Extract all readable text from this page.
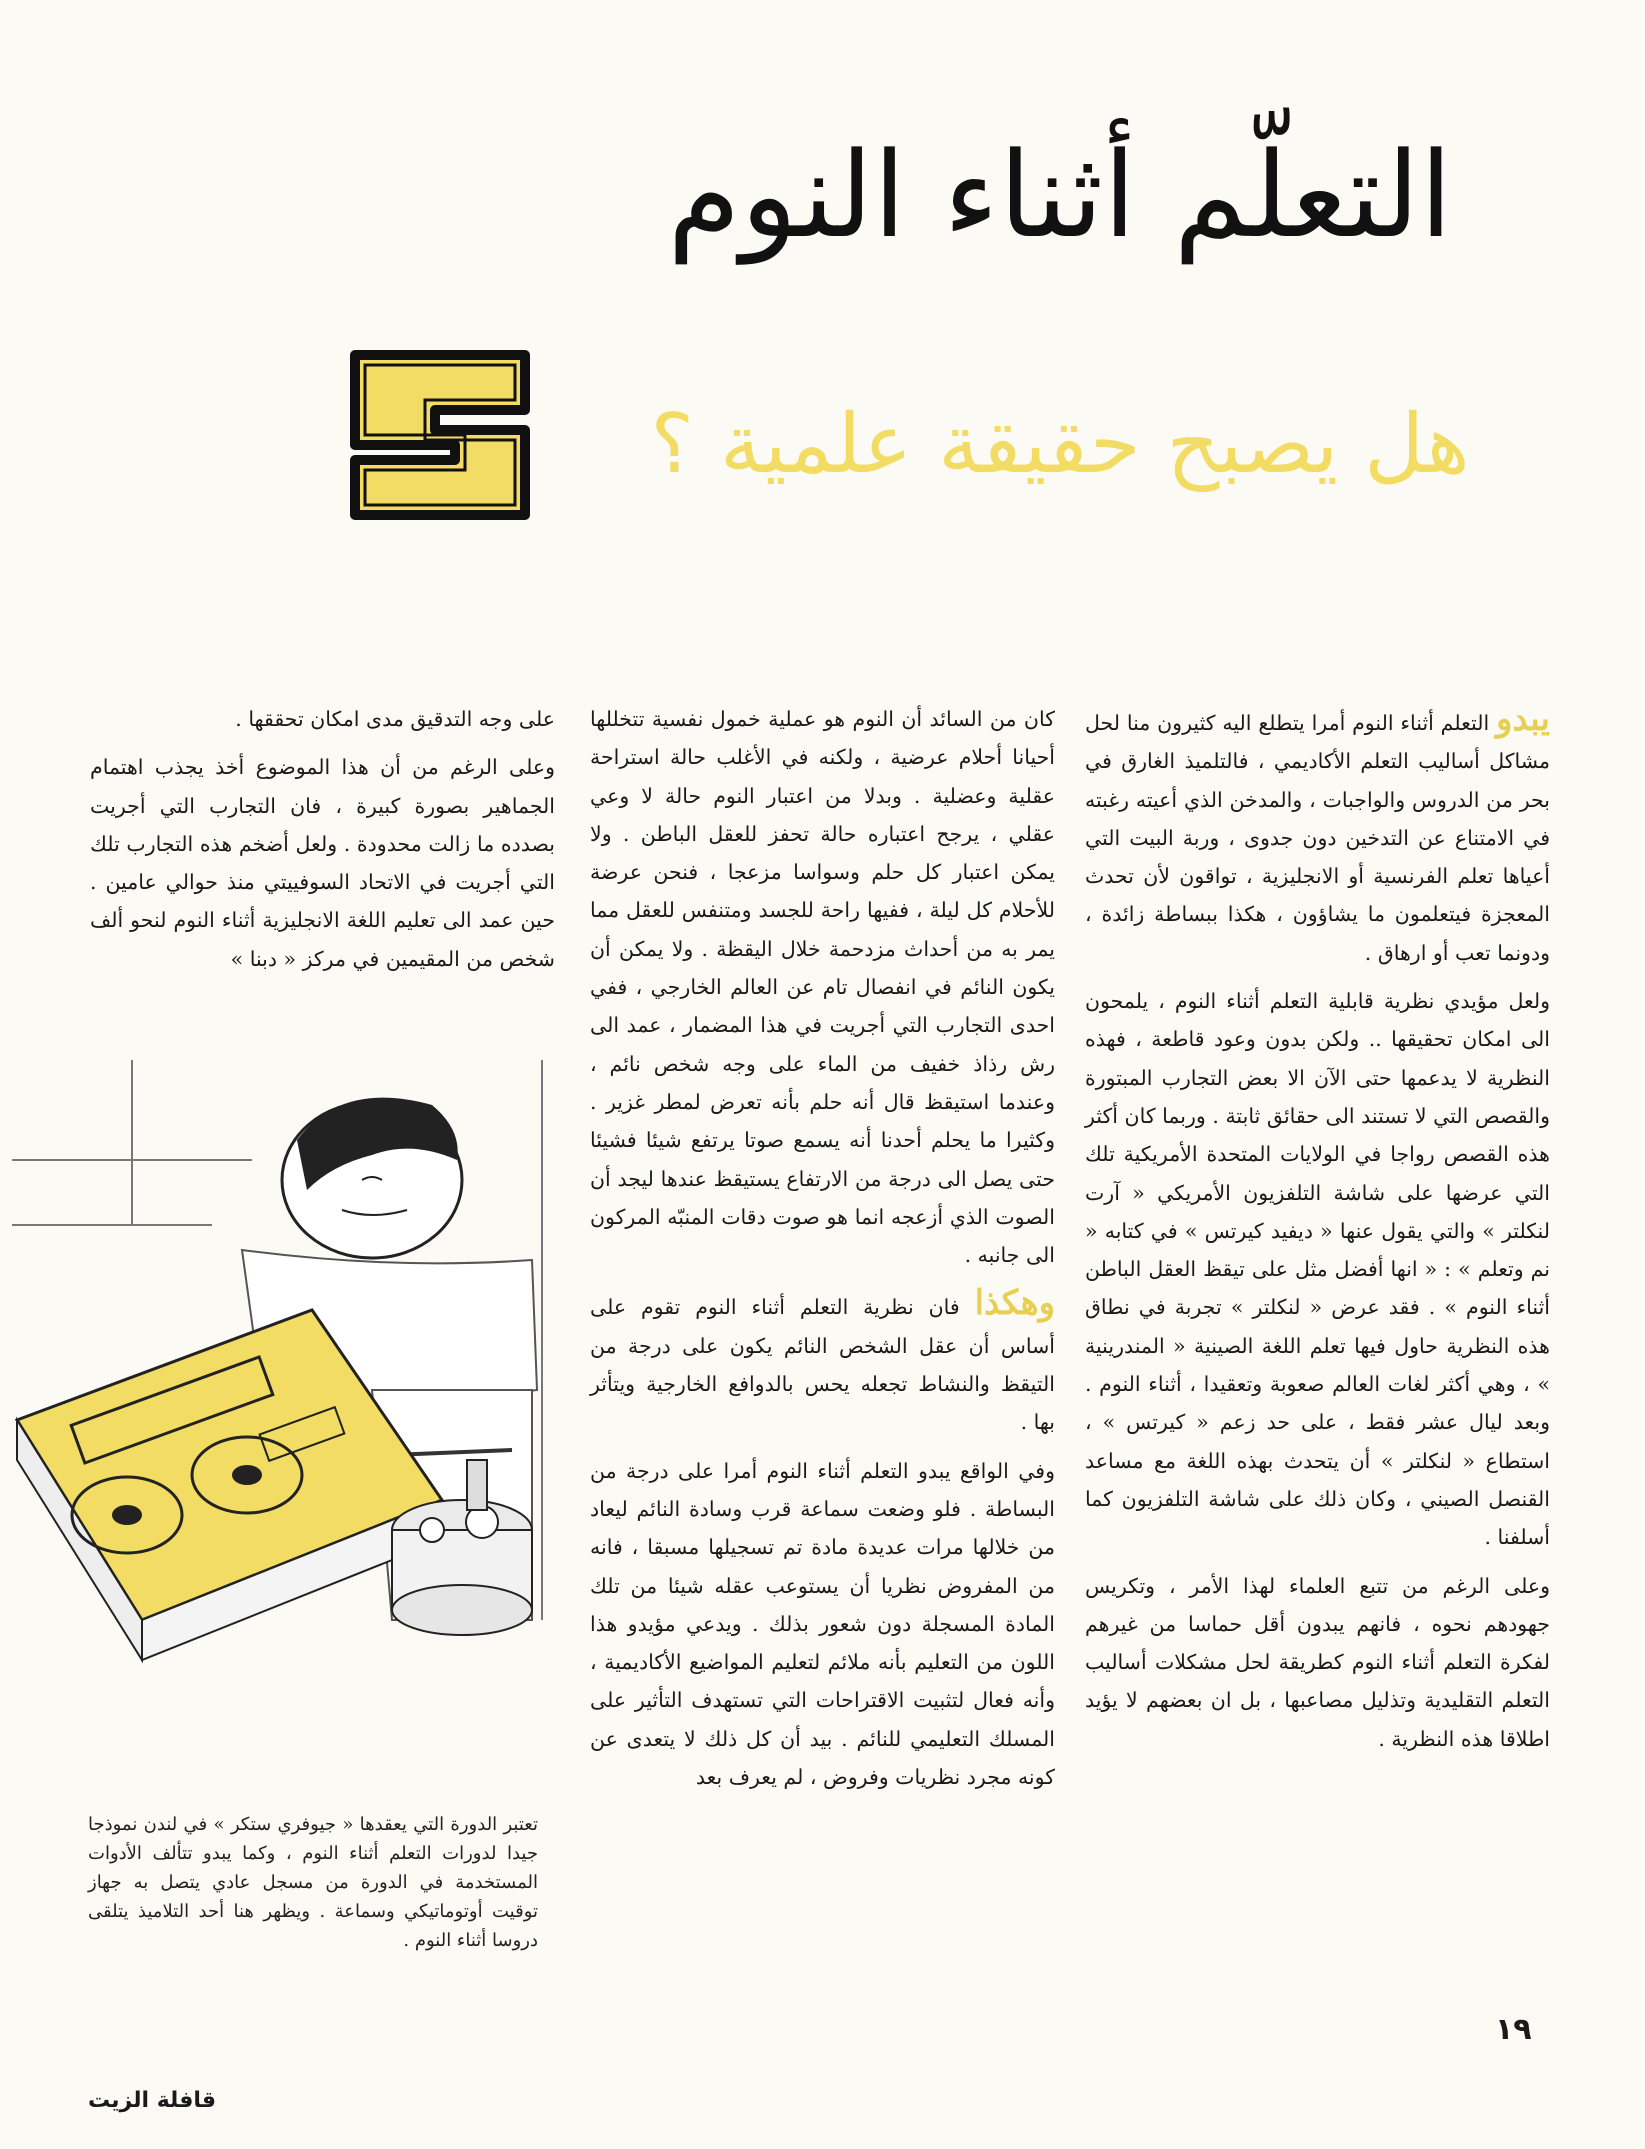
التعلّم أثناء النوم
هل يصبح حقيقة علمية ؟

يبدو التعلم أثناء النوم أمرا يتطلع اليه كثيرون منا لحل مشاكل أساليب التعلم الأكاديمي ، فالتلميذ الغارق في بحر من الدروس والواجبات ، والمدخن الذي أعيته رغبته في الامتناع عن التدخين دون جدوى ، وربة البيت التي أعياها تعلم الفرنسية أو الانجليزية ، تواقون لأن تحدث المعجزة فيتعلمون ما يشاؤون ، هكذا ببساطة زائدة ، ودونما تعب أو ارهاق .

ولعل مؤيدي نظرية قابلية التعلم أثناء النوم ، يلمحون الى امكان تحقيقها .. ولكن بدون وعود قاطعة ، فهذه النظرية لا يدعمها حتى الآن الا بعض التجارب المبتورة والقصص التي لا تستند الى حقائق ثابتة . وربما كان أكثر هذه القصص رواجا في الولايات المتحدة الأمريكية تلك التي عرضها على شاشة التلفزيون الأمريكي « آرت لنكلتر » والتي يقول عنها « ديفيد كيرتس » في كتابه « نم وتعلم » : « انها أفضل مثل على تيقظ العقل الباطن أثناء النوم » . فقد عرض « لنكلتر » تجربة في نطاق هذه النظرية حاول فيها تعلم اللغة الصينية « المندرينية » ، وهي أكثر لغات العالم صعوبة وتعقيدا ، أثناء النوم . وبعد ليال عشر فقط ، على حد زعم « كيرتس » ، استطاع « لنكلتر » أن يتحدث بهذه اللغة مع مساعد القنصل الصيني ، وكان ذلك على شاشة التلفزيون كما أسلفنا .

وعلى الرغم من تتبع العلماء لهذا الأمر ، وتكريس جهودهم نحوه ، فانهم يبدون أقل حماسا من غيرهم لفكرة التعلم أثناء النوم كطريقة لحل مشكلات أساليب التعلم التقليدية وتذليل مصاعبها ، بل ان بعضهم لا يؤيد اطلاقا هذه النظرية .

كان من السائد أن النوم هو عملية خمول نفسية تتخللها أحيانا أحلام عرضية ، ولكنه في الأغلب حالة استراحة عقلية وعضلية . وبدلا من اعتبار النوم حالة لا وعي عقلي ، يرجح اعتباره حالة تحفز للعقل الباطن . ولا يمكن اعتبار كل حلم وسواسا مزعجا ، فنحن عرضة للأحلام كل ليلة ، ففيها راحة للجسد ومتنفس للعقل مما يمر به من أحداث مزدحمة خلال اليقظة . ولا يمكن أن يكون النائم في انفصال تام عن العالم الخارجي ، ففي احدى التجارب التي أجريت في هذا المضمار ، عمد الى رش رذاذ خفيف من الماء على وجه شخص نائم ، وعندما استيقظ قال أنه حلم بأنه تعرض لمطر غزير . وكثيرا ما يحلم أحدنا أنه يسمع صوتا يرتفع شيئا فشيئا حتى يصل الى درجة من الارتفاع يستيقظ عندها ليجد أن الصوت الذي أزعجه انما هو صوت دقات المنبّه المركون الى جانبه .

وهكذا فان نظرية التعلم أثناء النوم تقوم على أساس أن عقل الشخص النائم يكون على درجة من التيقظ والنشاط تجعله يحس بالدوافع الخارجية ويتأثر بها .

وفي الواقع يبدو التعلم أثناء النوم أمرا على درجة من البساطة . فلو وضعت سماعة قرب وسادة النائم ليعاد من خلالها مرات عديدة مادة تم تسجيلها مسبقا ، فانه من المفروض نظريا أن يستوعب عقله شيئا من تلك المادة المسجلة دون شعور بذلك . ويدعي مؤيدو هذا اللون من التعليم بأنه ملائم لتعليم المواضيع الأكاديمية ، وأنه فعال لتثبيت الاقتراحات التي تستهدف التأثير على المسلك التعليمي للنائم . بيد أن كل ذلك لا يتعدى عن كونه مجرد نظريات وفروض ، لم يعرف بعد

على وجه التدقيق مدى امكان تحققها .

وعلى الرغم من أن هذا الموضوع أخذ يجذب اهتمام الجماهير بصورة كبيرة ، فان التجارب التي أجريت بصدده ما زالت محدودة . ولعل أضخم هذه التجارب تلك التي أجريت في الاتحاد السوفييتي منذ حوالي عامين . حين عمد الى تعليم اللغة الانجليزية أثناء النوم لنحو ألف شخص من المقيمين في مركز « دبنا »

تعتبر الدورة التي يعقدها « جيوفري ستكر » في لندن نموذجا جيدا لدورات التعلم أثناء النوم ، وكما يبدو تتألف الأدوات المستخدمة في الدورة من مسجل عادي يتصل به جهاز توقيت أوتوماتيكي وسماعة . ويظهر هنا أحد التلاميذ يتلقى دروسا أثناء النوم .
١٩
قافلة الزيت
